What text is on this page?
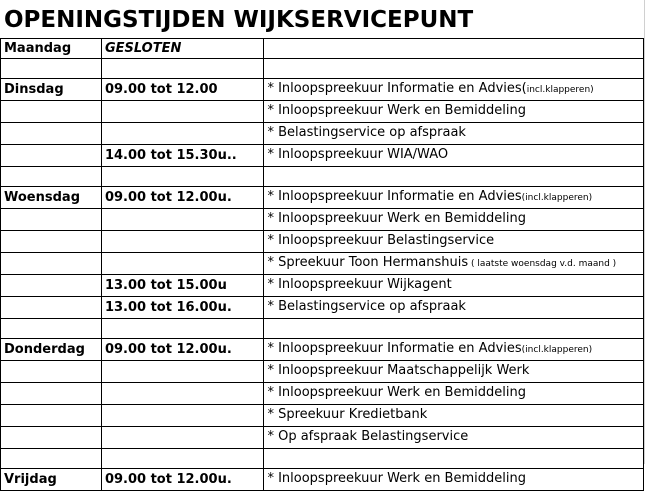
OPENINGSTIJDEN WIJKSERVICEPUNT
Maandag	GESLOTEN	

Dinsdag	09.00 tot 12.00	* Inloopspreekuur Informatie en Advies(incl.klapperen)
		* Inloopspreekuur Werk en Bemiddeling
		* Belastingservice op afspraak
	14.00 tot 15.30u..	* Inloopspreekuur WIA/WAO

Woensdag	09.00 tot 12.00u.	* Inloopspreekuur Informatie en Advies(incl.klapperen)
		* Inloopspreekuur Werk en Bemiddeling
		* Inloopspreekuur Belastingservice
		* Spreekuur Toon Hermanshuis ( laatste woensdag v.d. maand )
	13.00 tot 15.00u	* Inloopspreekuur Wijkagent
	13.00 tot 16.00u.	* Belastingservice op afspraak

Donderdag	09.00 tot 12.00u.	* Inloopspreekuur Informatie en Advies(incl.klapperen)
		* Inloopspreekuur Maatschappelijk Werk
		* Inloopspreekuur Werk en Bemiddeling
		* Spreekuur Kredietbank
		* Op afspraak Belastingservice

Vrijdag	09.00 tot 12.00u.	* Inloopspreekuur Werk en Bemiddeling
